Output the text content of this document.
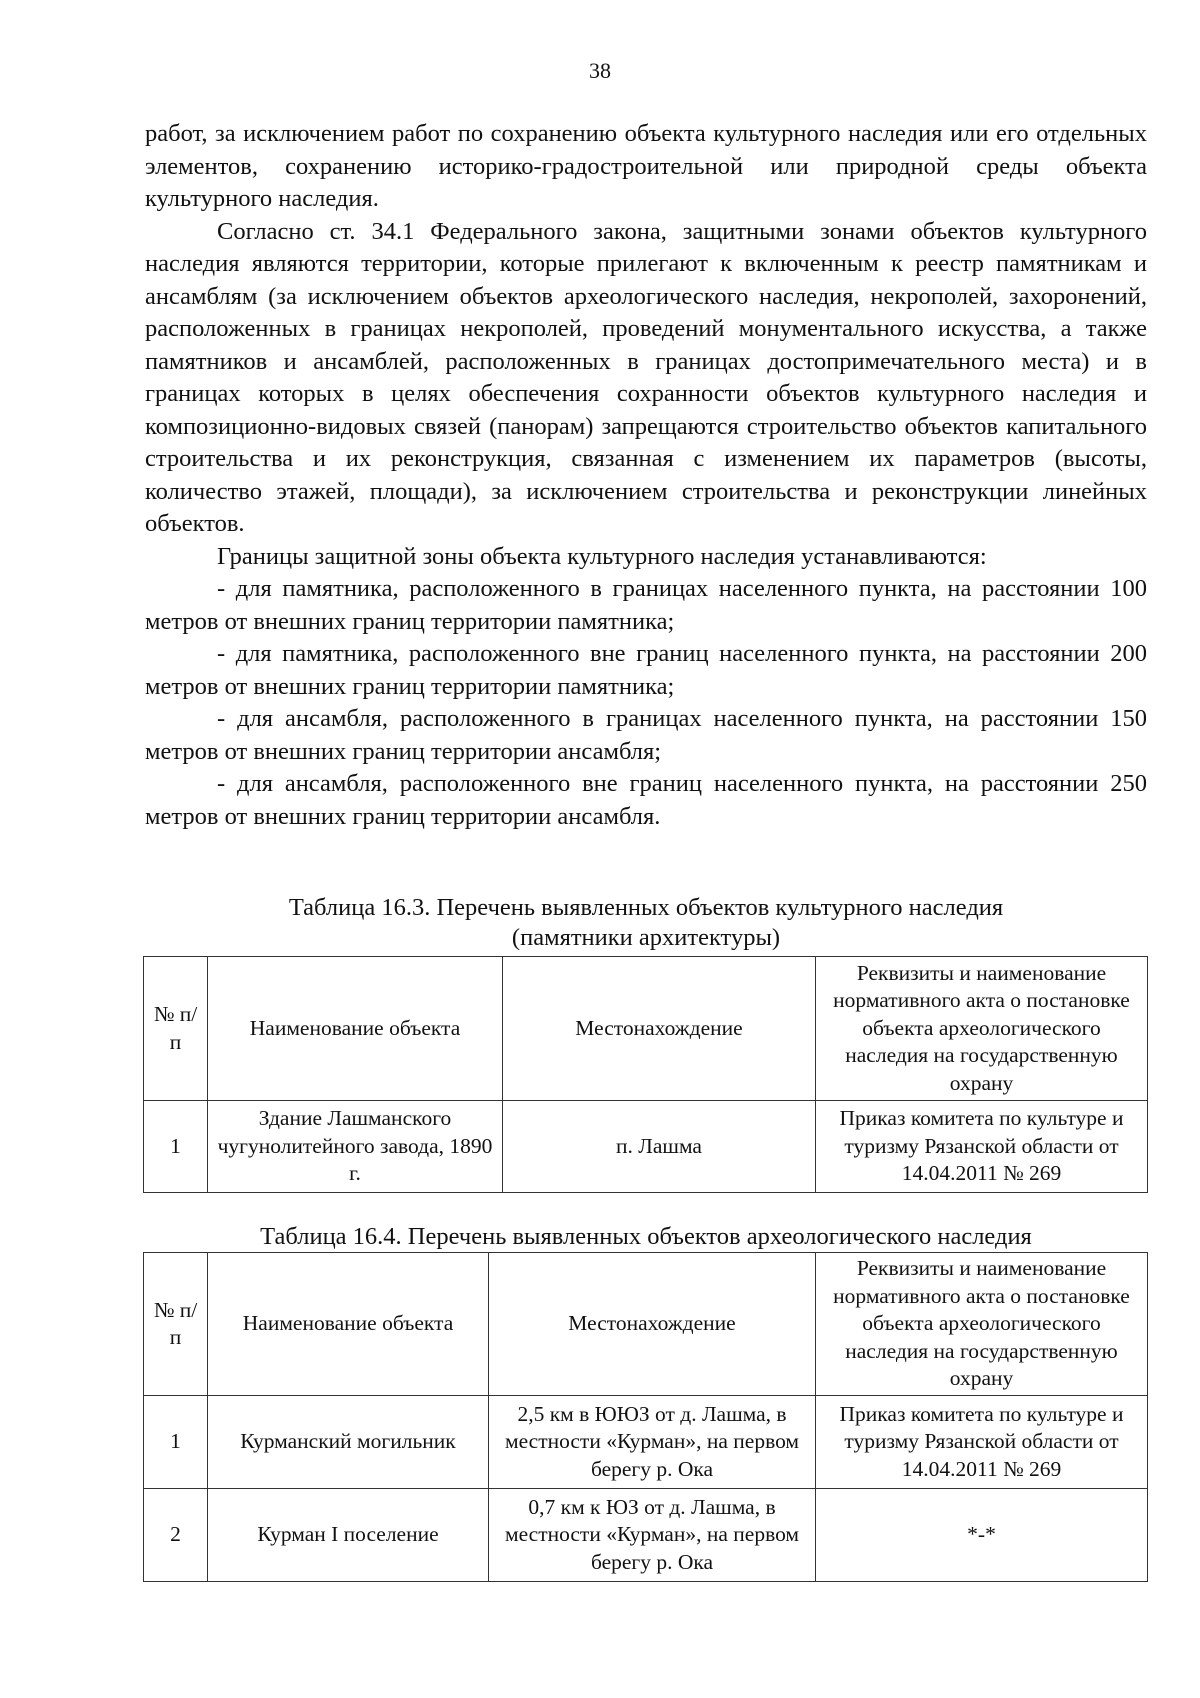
38

работ, за исключением работ по сохранению объекта культурного наследия или его отдельных элементов, сохранению историко-градостроительной или природной среды объекта культурного наследия.

Согласно ст. 34.1 Федерального закона, защитными зонами объектов культурного наследия являются территории, которые прилегают к включенным к реестр памятникам и ансамблям (за исключением объектов археологического наследия, некрополей, захоронений, расположенных в границах некрополей, проведений монументального искусства, а также памятников и ансамблей, расположенных в границах достопримечательного места) и в границах которых в целях обеспечения сохранности объектов культурного наследия и композиционно-видовых связей (панорам) запрещаются строительство объектов капитального строительства и их реконструкция, связанная с изменением их параметров (высоты, количество этажей, площади), за исключением строительства и реконструкции линейных объектов.

Границы защитной зоны объекта культурного наследия устанавливаются:

- для памятника, расположенного в границах населенного пункта, на расстоянии 100 метров от внешних границ территории памятника;

- для памятника, расположенного вне границ населенного пункта, на расстоянии 200 метров от внешних границ территории памятника;

- для ансамбля, расположенного в границах населенного пункта, на расстоянии 150 метров от внешних границ территории ансамбля;

- для ансамбля, расположенного вне границ населенного пункта, на расстоянии 250 метров от внешних границ территории ансамбля.

Таблица 16.3. Перечень выявленных объектов культурного наследия
(памятники архитектуры)
№ п/п	Наименование объекта	Местонахождение	Реквизиты и наименование нормативного акта о постановке объекта археологического наследия на государственную охрану
1	Здание Лашманского чугунолитейного завода, 1890 г.	п. Лашма	Приказ комитета по культуре и туризму Рязанской области от 14.04.2011 № 269
Таблица 16.4. Перечень выявленных объектов археологического наследия
№ п/п	Наименование объекта	Местонахождение	Реквизиты и наименование нормативного акта о постановке объекта археологического наследия на государственную охрану
1	Курманский могильник	2,5 км в ЮЮЗ от д. Лашма, в местности «Курман», на первом берегу р. Ока	Приказ комитета по культуре и туризму Рязанской области от 14.04.2011 № 269
2	Курман I поселение	0,7 км к ЮЗ от д. Лашма, в местности «Курман», на первом берегу р. Ока	*-*
